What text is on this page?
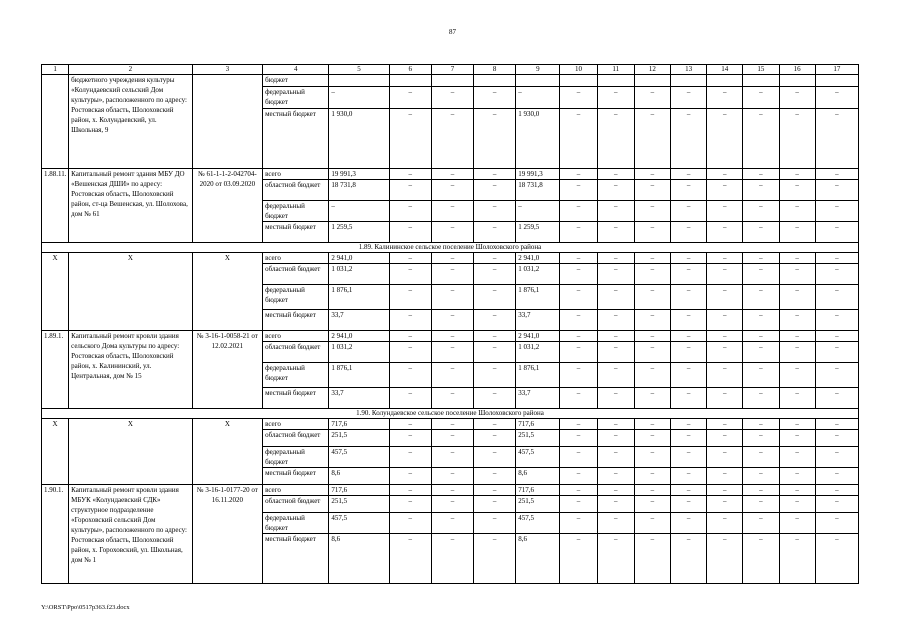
87
1	2	3	4	5	6	7	8	9	10	11	12	13	14	15	16	17
	бюджетного учреждения культуры «Колундаевский сельский Дом культуры», расположенного по адресу: Ростовская область, Шолоховский район, х. Колундаевский, ул. Школьная, 9		бюджет													
			федеральный бюджет	–	–	–	–	–	–	–	–	–	–	–	–	–
			местный бюджет	1 930,0	–	–	–	1 930,0	–	–	–	–	–	–	–	–
1.88.11.	Капитальный ремонт здания МБУ ДО «Вешенская ДШИ» по адресу: Ростовская область, Шолоховский район, ст-ца Вешенская, ул. Шолохова, дом № 61	№ 61-1-1-2-042704-2020 от 03.09.2020	всего	19 991,3	–	–	–	19 991,3	–	–	–	–	–	–	–	–
			областной бюджет	18 731,8	–	–	–	18 731,8	–	–	–	–	–	–	–	–
			федеральный бюджет	–	–	–	–	–	–	–	–	–	–	–	–	–
			местный бюджет	1 259,5	–	–	–	1 259,5	–	–	–	–	–	–	–	–
1.89. Калининское сельское поселение Шолоховского района																
X	X	X	всего	2 941,0	–	–	–	2 941,0	–	–	–	–	–	–	–	–
			областной бюджет	1 031,2	–	–	–	1 031,2	–	–	–	–	–	–	–	–
			федеральный бюджет	1 876,1	–	–	–	1 876,1	–	–	–	–	–	–	–	–
			местный бюджет	33,7	–	–	–	33,7	–	–	–	–	–	–	–	–
1.89.1.	Капитальный ремонт кровли здания сельского Дома культуры по адресу: Ростовская область, Шолоховский район, х. Калининский, ул. Центральная, дом № 15	№ 3-16-1-0058-21 от 12.02.2021	всего	2 941,0	–	–	–	2 941,0	–	–	–	–	–	–	–	–
			областной бюджет	1 031,2	–	–	–	1 031,2	–	–	–	–	–	–	–	–
			федеральный бюджет	1 876,1	–	–	–	1 876,1	–	–	–	–	–	–	–	–
			местный бюджет	33,7	–	–	–	33,7	–	–	–	–	–	–	–	–
1.90. Колундаевское сельское поселение Шолоховского района																
X	X	X	всего	717,6	–	–	–	717,6	–	–	–	–	–	–	–	–
			областной бюджет	251,5	–	–	–	251,5	–	–	–	–	–	–	–	–
			федеральный бюджет	457,5	–	–	–	457,5	–	–	–	–	–	–	–	–
			местный бюджет	8,6	–	–	–	8,6	–	–	–	–	–	–	–	–
1.90.1.	Капитальный ремонт кровли здания МБУК «Колундаевский СДК» структурное подразделение «Гороховский сельский Дом культуры», расположенного по адресу: Ростовская область, Шолоховский район, х. Гороховский, ул. Школьная, дом № 1	№ 3-16-1-0177-20 от 16.11.2020	всего	717,6	–	–	–	717,6	–	–	–	–	–	–	–	–
			областной бюджет	251,5	–	–	–	251,5	–	–	–	–	–	–	–	–
			федеральный бюджет	457,5	–	–	–	457,5	–	–	–	–	–	–	–	–
			местный бюджет	8,6	–	–	–	8,6	–	–	–	–	–	–	–	–
Y:\ORST\Ppo\0517p363.f23.docx
